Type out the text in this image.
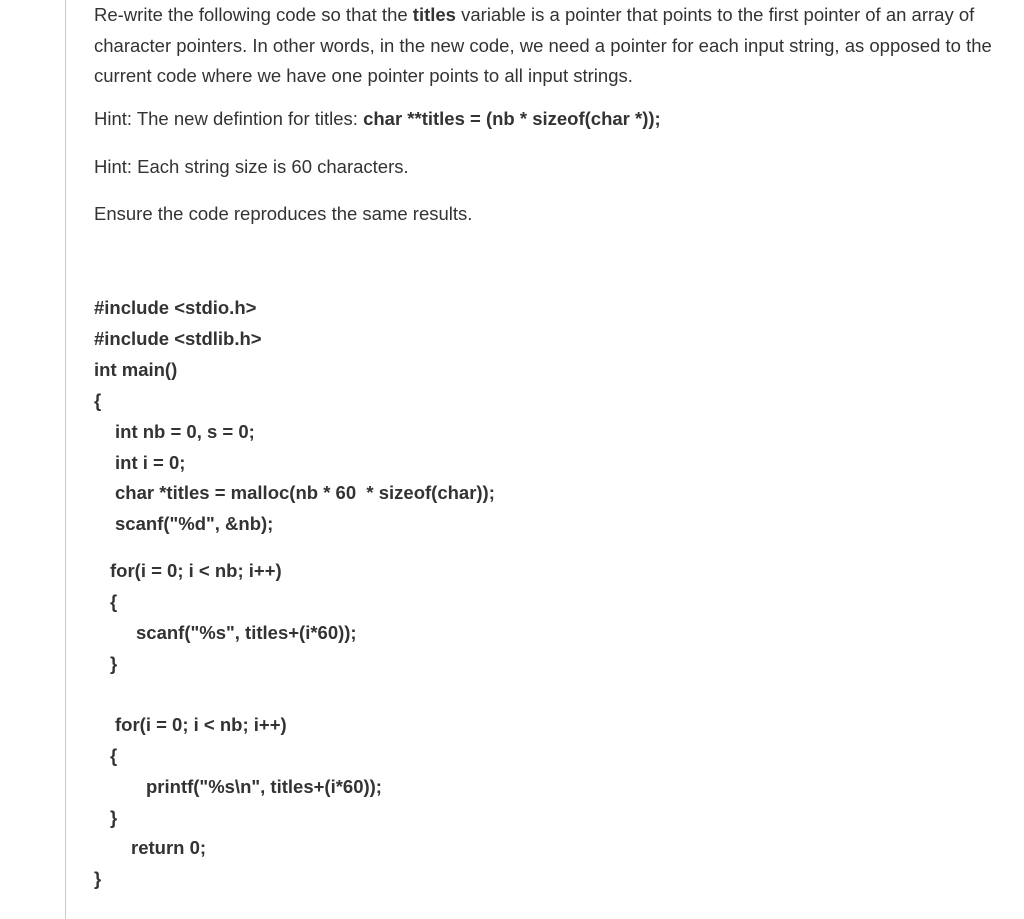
Re-write the following code so that the titles variable is a pointer that points to the first pointer of an array of character pointers. In other words, in the new code, we need a pointer for each input string, as opposed to the current code where we have one pointer points to all input strings.

Hint: The new defintion for titles: char **titles = (nb * sizeof(char *));

Hint: Each string size is 60 characters.

Ensure the code reproduces the same results.

#include <stdio.h>

#include <stdlib.h>

int main()

{

int nb = 0, s = 0;

int i = 0;

char *titles = malloc(nb * 60  * sizeof(char));

scanf("%d", &nb);

for(i = 0; i < nb; i++)

{

scanf("%s", titles+(i*60));

}

for(i = 0; i < nb; i++)

{

printf("%s\n", titles+(i*60));

}

return 0;

}
